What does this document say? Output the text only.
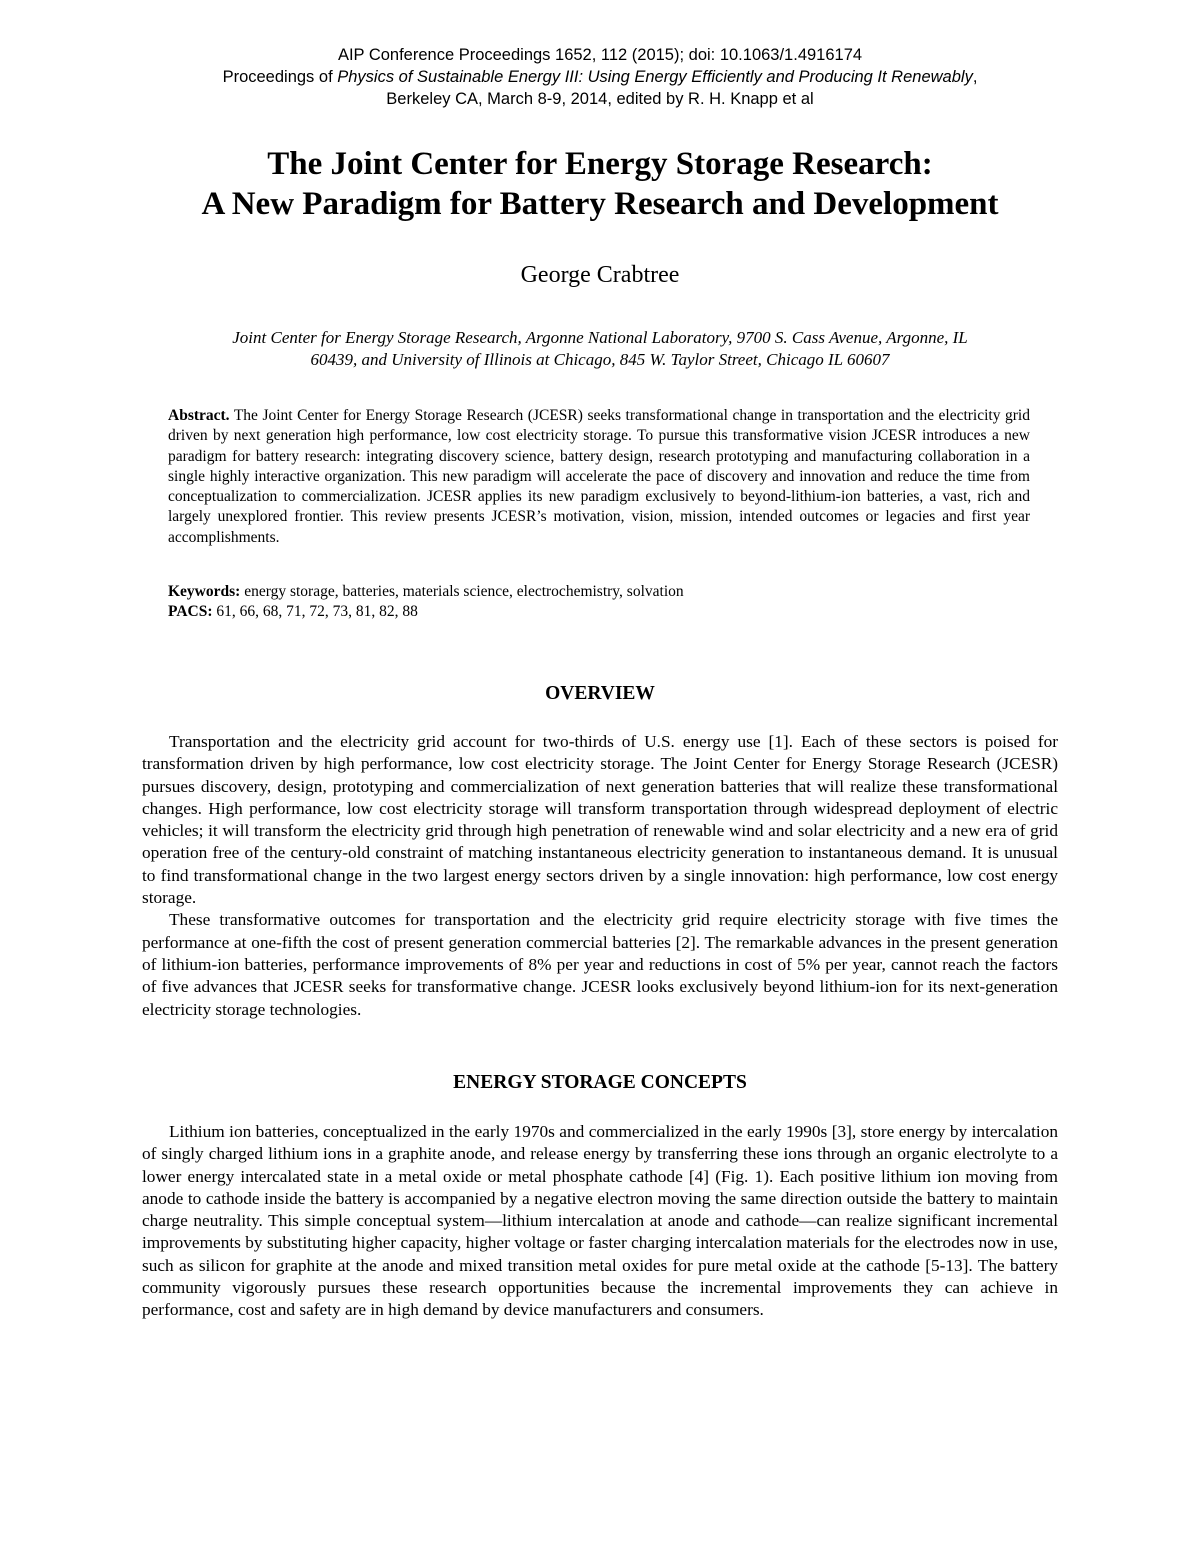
AIP Conference Proceedings 1652, 112 (2015); doi: 10.1063/1.4916174
Proceedings of Physics of Sustainable Energy III: Using Energy Efficiently and Producing It Renewably,
Berkeley CA, March 8-9, 2014, edited by R. H. Knapp et al
The Joint Center for Energy Storage Research:
A New Paradigm for Battery Research and Development
George Crabtree
Joint Center for Energy Storage Research, Argonne National Laboratory, 9700 S. Cass Avenue, Argonne, IL
60439, and University of Illinois at Chicago, 845 W. Taylor Street, Chicago IL 60607
Abstract. The Joint Center for Energy Storage Research (JCESR) seeks transformational change in transportation and the electricity grid driven by next generation high performance, low cost electricity storage. To pursue this transformative vision JCESR introduces a new paradigm for battery research: integrating discovery science, battery design, research prototyping and manufacturing collaboration in a single highly interactive organization. This new paradigm will accelerate the pace of discovery and innovation and reduce the time from conceptualization to commercialization. JCESR applies its new paradigm exclusively to beyond-lithium-ion batteries, a vast, rich and largely unexplored frontier. This review presents JCESR’s motivation, vision, mission, intended outcomes or legacies and first year accomplishments.
Keywords: energy storage, batteries, materials science, electrochemistry, solvation
PACS: 61, 66, 68, 71, 72, 73, 81, 82, 88
OVERVIEW

Transportation and the electricity grid account for two-thirds of U.S. energy use [1]. Each of these sectors is poised for transformation driven by high performance, low cost electricity storage. The Joint Center for Energy Storage Research (JCESR) pursues discovery, design, prototyping and commercialization of next generation batteries that will realize these transformational changes. High performance, low cost electricity storage will transform transportation through widespread deployment of electric vehicles; it will transform the electricity grid through high penetration of renewable wind and solar electricity and a new era of grid operation free of the century-old constraint of matching instantaneous electricity generation to instantaneous demand. It is unusual to find transformational change in the two largest energy sectors driven by a single innovation: high performance, low cost energy storage.

These transformative outcomes for transportation and the electricity grid require electricity storage with five times the performance at one-fifth the cost of present generation commercial batteries [2]. The remarkable advances in the present generation of lithium-ion batteries, performance improvements of 8% per year and reductions in cost of 5% per year, cannot reach the factors of five advances that JCESR seeks for transformative change. JCESR looks exclusively beyond lithium-ion for its next-generation electricity storage technologies.

ENERGY STORAGE CONCEPTS

Lithium ion batteries, conceptualized in the early 1970s and commercialized in the early 1990s [3], store energy by intercalation of singly charged lithium ions in a graphite anode, and release energy by transferring these ions through an organic electrolyte to a lower energy intercalated state in a metal oxide or metal phosphate cathode [4] (Fig. 1). Each positive lithium ion moving from anode to cathode inside the battery is accompanied by a negative electron moving the same direction outside the battery to maintain charge neutrality. This simple conceptual system—lithium intercalation at anode and cathode—can realize significant incremental improvements by substituting higher capacity, higher voltage or faster charging intercalation materials for the electrodes now in use, such as silicon for graphite at the anode and mixed transition metal oxides for pure metal oxide at the cathode [5-13]. The battery community vigorously pursues these research opportunities because the incremental improvements they can achieve in performance, cost and safety are in high demand by device manufacturers and consumers.
